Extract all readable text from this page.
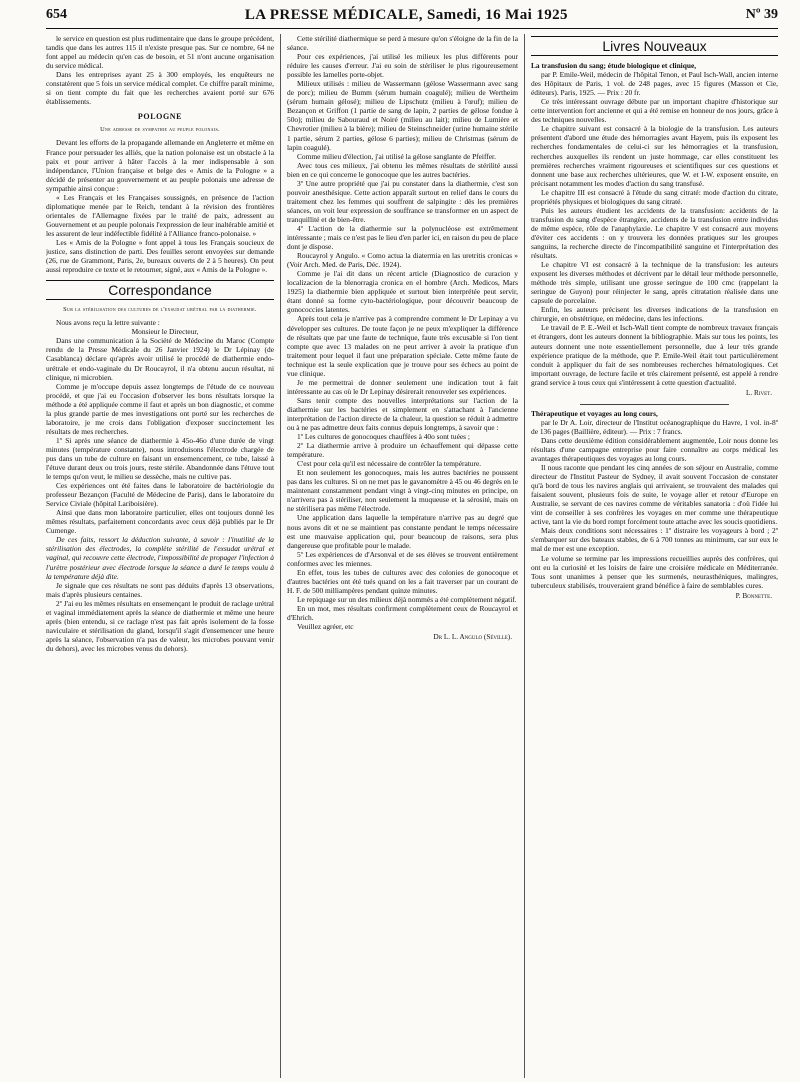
654	LA PRESSE MÉDICALE, Samedi, 16 Mai 1925	Nº 39

le service en question est plus rudimentaire que dans le groupe précédent, tandis que dans les autres 115 il n'existe presque pas. Sur ce nombre, 64 ne font appel au médecin qu'en cas de besoin, et 51 n'ont aucune organisation du service médical.

Dans les entreprises ayant 25 à 300 employés, les enquêteurs ne constatèrent que 5 fois un service médical complet. Ce chiffre paraît minime, si on tient compte du fait que les recherches avaient porté sur 676 établissements.

POLOGNE
Une adresse de sympathie au peuple polonais.

Devant les efforts de la propagande allemande en Angleterre et même en France pour persuader les alliés, que la nation polonaise est un obstacle à la paix et pour arriver à hâter l'accès à la mer indispensable à son indépendance, l'Union française et belge des « Amis de la Pologne » a décidé de présenter au gouvernement et au peuple polonais une adresse de sympathie ainsi conçue :

« Les Français et les Françaises soussignés, en présence de l'action diplomatique menée par le Reich, tendant à la révision des frontières orientales de l'Allemagne fixées par le traité de paix, adressent au Gouvernement et au peuple polonais l'expression de leur inaltérable amitié et les assurent de leur indéfectible fidélité à l'Alliance franco-polonaise. »

Les « Amis de la Pologne » font appel à tous les Français soucieux de justice, sans distinction de parti. Des feuilles seront envoyées sur demande (26, rue de Grammont, Paris, 2e, bureaux ouverts de 2 à 5 heures). On peut aussi reproduire ce texte et le retourner, signé, aux « Amis de la Pologne ».

Correspondance
Sur la stérilisation des cultures de l'exsudat urétral par la diathermie.

Nous avons reçu la lettre suivante :

Monsieur le Directeur,

Dans une communication à la Société de Médecine du Maroc (Compte rendu de la Presse Médicale du 26 Janvier 1924) le Dr Lépinay (de Casablanca) déclare qu'après avoir utilisé le procédé de diathermie endo-urétrale et endo-vaginale du Dr Roucayrol, il n'a obtenu aucun résultat, ni clinique, ni microbien.

Comme je m'occupe depuis assez longtemps de l'étude de ce nouveau procédé, et que j'ai eu l'occasion d'observer les bons résultats lorsque la méthode a été appliquée comme il faut et après un bon diagnostic, et comme la plus grande partie de mes investigations ont porté sur les recherches de laboratoire, je me crois dans l'obligation d'exposer succinctement les résultats de mes recherches.

1º Si après une séance de diathermie à 45o-46o d'une durée de vingt minutes (température constante), nous introduisons l'électrode chargée de pus dans un tube de culture en faisant un ensemencement, ce tube, laissé à l'étuve durant deux ou trois jours, reste stérile. Abandonnée dans l'étuve tout le temps qu'on veut, le milieu se dessèche, mais ne cultive pas.

Ces expériences ont été faites dans le laboratoire de bactériologie du professeur Bezançon (Faculté de Médecine de Paris), dans le laboratoire du Service Civiale (hôpital Lariboisière).

Ainsi que dans mon laboratoire particulier, elles ont toujours donné les mêmes résultats, parfaitement concordants avec ceux déjà publiés par le Dr Cumenge.

De ces faits, ressort la déduction suivante, à savoir : l'inutilité de la stérilisation des électrodes, la complète stérilité de l'exsudat urétral et vaginal, qui recouvre cette électrode, l'impossibilité de propager l'infection à l'urètre postérieur avec électrode lorsque la séance a duré le temps voulu à la température déjà dite.

Je signale que ces résultats ne sont pas déduits d'après 13 observations, mais d'après plusieurs centaines.

2º J'ai eu les mêmes résultats en ensemençant le produit de raclage urétral et vaginal immédiatement après la séance de diathermie et même une heure après (bien entendu, si ce raclage n'est pas fait après isolement de la fosse naviculaire et stérilisation du gland, lorsqu'il s'agit d'ensemencer une heure après la séance, l'observation n'a pas de valeur, les microbes pouvant venir du dehors), avec les microbes venus du dehors).

Cette stérilité diathermique se perd à mesure qu'on s'éloigne de la fin de la séance.

Pour ces expériences, j'ai utilisé les milieux les plus différents pour réduire les causes d'erreur. J'ai eu soin de stériliser le plus rigoureusement possible les lamelles porte-objet.

Milieux utilisés : milieu de Wassermann (gélose Wassermann avec sang de porc); milieu de Bumm (sérum humain coagulé); milieu de Wertheim (sérum humain gélosé); milieu de Lipschutz (milieu à l'œuf); milieu de Bezançon et Griffon (1 partie de sang de lapin, 2 parties de gélose fondue à 50o); milieu de Sabouraud et Noiré (milieu au lait); milieu de Lumière et Chevrotier (milieu à la bière); milieu de Steinschneider (urine humaine stérile 1 partie, sérum 2 parties, gélose 6 parties); milieu de Christmas (sérum de lapin coagulé).

Comme milieu d'élection, j'ai utilisé la gélose sanglante de Pfeiffer.

Avec tous ces milieux, j'ai obtenu les mêmes résultats de stérilité aussi bien en ce qui concerne le gonocoque que les autres bactéries.

3º Une autre propriété que j'ai pu constater dans la diathermie, c'est son pouvoir anesthésique. Cette action apparaît surtout en relief dans le cours du traitement chez les femmes qui souffrent de salpingite : dès les premières séances, on voit leur expression de souffrance se transformer en un aspect de tranquillité et de bien-être.

4º L'action de la diathermie sur la polynucléose est extrêmement intéressante ; mais ce n'est pas le lieu d'en parler ici, en raison du peu de place dont je dispose.

Roucayrol y Angulo. « Como actua la diatermia en las uretritis cronicas » (Voir Arch. Med. de Paris, Déc. 1924).

Comme je l'ai dit dans un récent article (Diagnostico de curacion y localizacion de la blenorragia cronica en el hombre (Arch. Medicos, Mars 1925) la diathermie bien appliquée et surtout bien interprétée peut servir, étant donné sa forme cyto-bactériologique, pour découvrir beaucoup de gonococcies latentes.

Après tout cela je n'arrive pas à comprendre comment le Dr Lepinay a vu développer ses cultures. De toute façon je ne peux m'expliquer la différence de résultats que par une faute de technique, faute très excusable si l'on tient compte que avec 13 malades on ne peut arriver à avoir la pratique d'un traitement pour lequel il faut une préparation spéciale. Cette même faute de technique est la seule explication que je trouve pour ses échecs au point de vue clinique.

Je me permettrai de donner seulement une indication tout à fait intéressante au cas où le Dr Lepinay désirerait renouveler ses expériences.

Sans tenir compte des nouvelles interprétations sur l'action de la diathermie sur les bactéries et simplement en s'attachant à l'ancienne interprétation de l'action directe de la chaleur, la question se réduit à admettre ou à ne pas admettre deux faits connus depuis longtemps, à savoir que :

1º Les cultures de gonocoques chauffées à 40o sont tuées ;

2º La diathermie arrive à produire un échauffement qui dépasse cette température.

C'est pour cela qu'il est nécessaire de contrôler la température.

Et non seulement les gonocoques, mais les autres bactéries ne poussent pas dans les cultures. Si on ne met pas le gavanomètre à 45 ou 46 degrés en le maintenant constamment pendant vingt à vingt-cinq minutes en principe, on n'arrivera pas à stériliser, non seulement la muqueuse et la sérosité, mais on ne stérilisera pas même l'électrode.

Une application dans laquelle la température n'arrive pas au degré que nous avons dit et ne se maintient pas constante pendant le temps nécessaire est une mauvaise application qui, pour beaucoup de raisons, sera plus dangereuse que profitable pour le malade.

5º Les expériences de d'Arsonval et de ses élèves se trouvent entièrement conformes avec les miennes.

En effet, tous les tubes de cultures avec des colonies de gonocoque et d'autres bactéries ont été tués quand on les a fait traverser par un courant de H. F. de 500 milliampères pendant quinze minutes.

Le repiquage sur un des milieux déjà nommés a été complètement négatif.

En un mot, mes résultats confirment complètement ceux de Roucayrol et d'Ehrich.

Veuillez agréer, etc

Dr L. L. Angulo (Séville).
Livres Nouveaux

La transfusion du sang; étude biologique et clinique,

par P. Emile-Weil, médecin de l'hôpital Tenon, et Paul Isch-Wall, ancien interne des Hôpitaux de Paris, 1 vol. de 248 pages, avec 15 figures (Masson et Cie, éditeurs). Paris, 1925. — Prix : 20 fr.

Ce très intéressant ouvrage débute par un important chapitre d'historique sur cette intervention fort ancienne et qui a été remise en honneur de nos jours, grâce à des techniques nouvelles.

Le chapitre suivant est consacré à la biologie de la transfusion. Les auteurs présentent d'abord une étude des hémorragies avant Hayem, puis ils exposent les recherches fondamentales de celui-ci sur les hémorragies et la transfusion, recherches auxquelles ils rendent un juste hommage, car elles constituent les premières recherches vraiment rigoureuses et scientifiques sur ces questions et donnent une base aux recherches ultérieures, que W. et I-W. exposent ensuite, en précisant notamment les modes d'action du sang transfusé.

Le chapitre III est consacré à l'étude du sang citraté: mode d'action du citrate, propriétés physiques et biologiques du sang citraté.

Puis les auteurs étudient les accidents de la transfusion: accidents de la transfusion du sang d'espèce étrangère, accidents de la transfusion entre individus de même espèce, rôle de l'anaphylaxie. Le chapitre V est consacré aux moyens d'éviter ces accidents : on y trouvera les données pratiques sur les groupes sanguins, la recherche directe de l'incompatibilité sanguine et l'interprétation des résultats.

Le chapitre VI est consacré à la technique de la transfusion: les auteurs exposent les diverses méthodes et décrivent par le détail leur méthode personnelle, méthode très simple, utilisant une grosse seringue de 100 cmc (rappelant la seringue de Guyon) pour réinjecter le sang, après citratation réalisée dans une capsule de porcelaine.

Enfin, les auteurs précisent les diverses indications de la transfusion en chirurgie, en obstétrique, en médecine, dans les infections.

Le travail de P. E.-Weil et Isch-Wall tient compte de nombreux travaux français et étrangers, dont les auteurs donnent la bibliographie. Mais sur tous les points, les auteurs donnent une note essentiellement personnelle, due à leur très grande expérience pratique de la méthode, que P. Emile-Weil était tout particulièrement conduit à appliquer du fait de ses nombreuses recherches hématologiques. Cet important ouvrage, de lecture facile et très clairement présenté, est appelé à rendre grand service à tous ceux qui s'intéressent à cette question d'actualité.

L. Rivet.

Thérapeutique et voyages au long cours,

par le Dr A. Loir, directeur de l'Institut océanographique du Havre, 1 vol. in-8º de 136 pages (Baillière, éditeur). — Prix : 7 francs.

Dans cette deuxième édition considérablement augmentée, Loir nous donne les résultats d'une campagne entreprise pour faire connaître au corps médical les avantages thérapeutiques des voyages au long cours.

Il nous raconte que pendant les cinq années de son séjour en Australie, comme directeur de l'Institut Pasteur de Sydney, il avait souvent l'occasion de constater qu'à bord de tous les navires anglais qui arrivaient, se trouvaient des malades qui faisaient souvent, plusieurs fois de suite, le voyage aller et retour d'Europe en Australie, se servant de ces navires comme de véritables sanatoria : d'où l'idée lui vint de conseiller à ses confrères les voyages en mer comme une thérapeutique active, tant la vie du bord rompt forcément toute attache avec les soucis quotidiens.

Mais deux conditions sont nécessaires : 1º distraire les voyageurs à bord ; 2º s'embarquer sur des bateaux stables, de 6 à 700 tonnes au minimum, car sur eux le mal de mer est une exception.

Le volume se termine par les impressions recueillies auprès des confrères, qui ont eu la curiosité et les loisirs de faire une croisière médicale en Méditerranée. Tous sont unanimes à penser que les surmenés, neurasthéniques, malingres, tuberculeux stabilisés, trouveraient grand bénéfice à faire de semblables cures.

P. Bonnette.
